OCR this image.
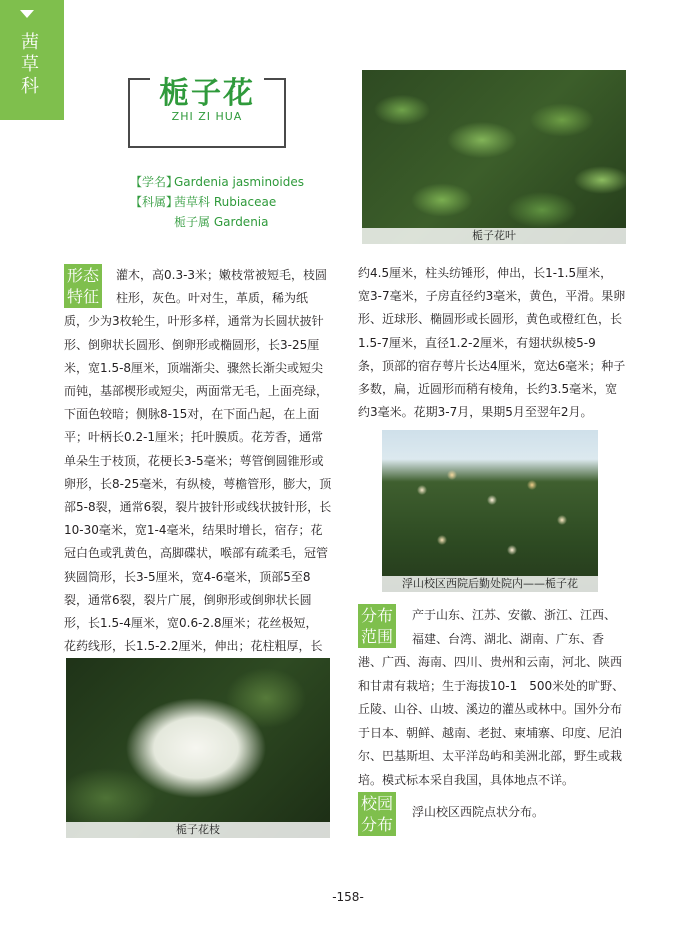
茜草科	栀子花
ZHI ZI HUA
【学名】Gardenia jasminoides
【科属】茜草科 Rubiaceae
栀子属 Gardenia
栀子花叶
形态
特征
灌木，高0.3-3米；嫩枝常被短毛，枝圆
柱形，灰色。叶对生，革质，稀为纸
质，少为3枚轮生，叶形多样，通常为长圆状披针
形、倒卵状长圆形、倒卵形或椭圆形，长3-25厘
米，宽1.5-8厘米，顶端渐尖、骤然长渐尖或短尖
而钝，基部楔形或短尖，两面常无毛，上面亮绿，
下面色较暗；侧脉8-15对，在下面凸起，在上面
平；叶柄长0.2-1厘米；托叶膜质。花芳香，通常
单朵生于枝顶，花梗长3-5毫米；萼管倒圆锥形或
卵形，长8-25毫米，有纵棱，萼檐管形，膨大，顶
部5-8裂，通常6裂，裂片披针形或线状披针形，长
10-30毫米，宽1-4毫米，结果时增长，宿存；花
冠白色或乳黄色，高脚碟状，喉部有疏柔毛，冠管
狭圆筒形，长3-5厘米，宽4-6毫米，顶部5至8
裂，通常6裂，裂片广展，倒卵形或倒卵状长圆
形，长1.5-4厘米，宽0.6-2.8厘米；花丝极短，
花药线形，长1.5-2.2厘米，伸出；花柱粗厚，长
约4.5厘米，柱头纺锤形，伸出，长1-1.5厘米，
宽3-7毫米，子房直径约3毫米，黄色，平滑。果卵
形、近球形、椭圆形或长圆形，黄色或橙红色，长
1.5-7厘米，直径1.2-2厘米，有翅状纵棱5-9
条，顶部的宿存萼片长达4厘米，宽达6毫米；种子
多数，扁，近圆形而稍有棱角，长约3.5毫米，宽
约3毫米。花期3-7月，果期5月至翌年2月。
浮山校区西院后勤处院内——栀子花
分布
范围
产于山东、江苏、安徽、浙江、江西、
福建、台湾、湖北、湖南、广东、香
港、广西、海南、四川、贵州和云南，河北、陕西
和甘肃有栽培；生于海拔10-1　500米处的旷野、
丘陵、山谷、山坡、溪边的灌丛或林中。国外分布
于日本、朝鲜、越南、老挝、柬埔寨、印度、尼泊
尔、巴基斯坦、太平洋岛屿和美洲北部，野生或栽
培。模式标本采自我国，具体地点不详。
校园
分布
浮山校区西院点状分布。
栀子花枝
-158-
